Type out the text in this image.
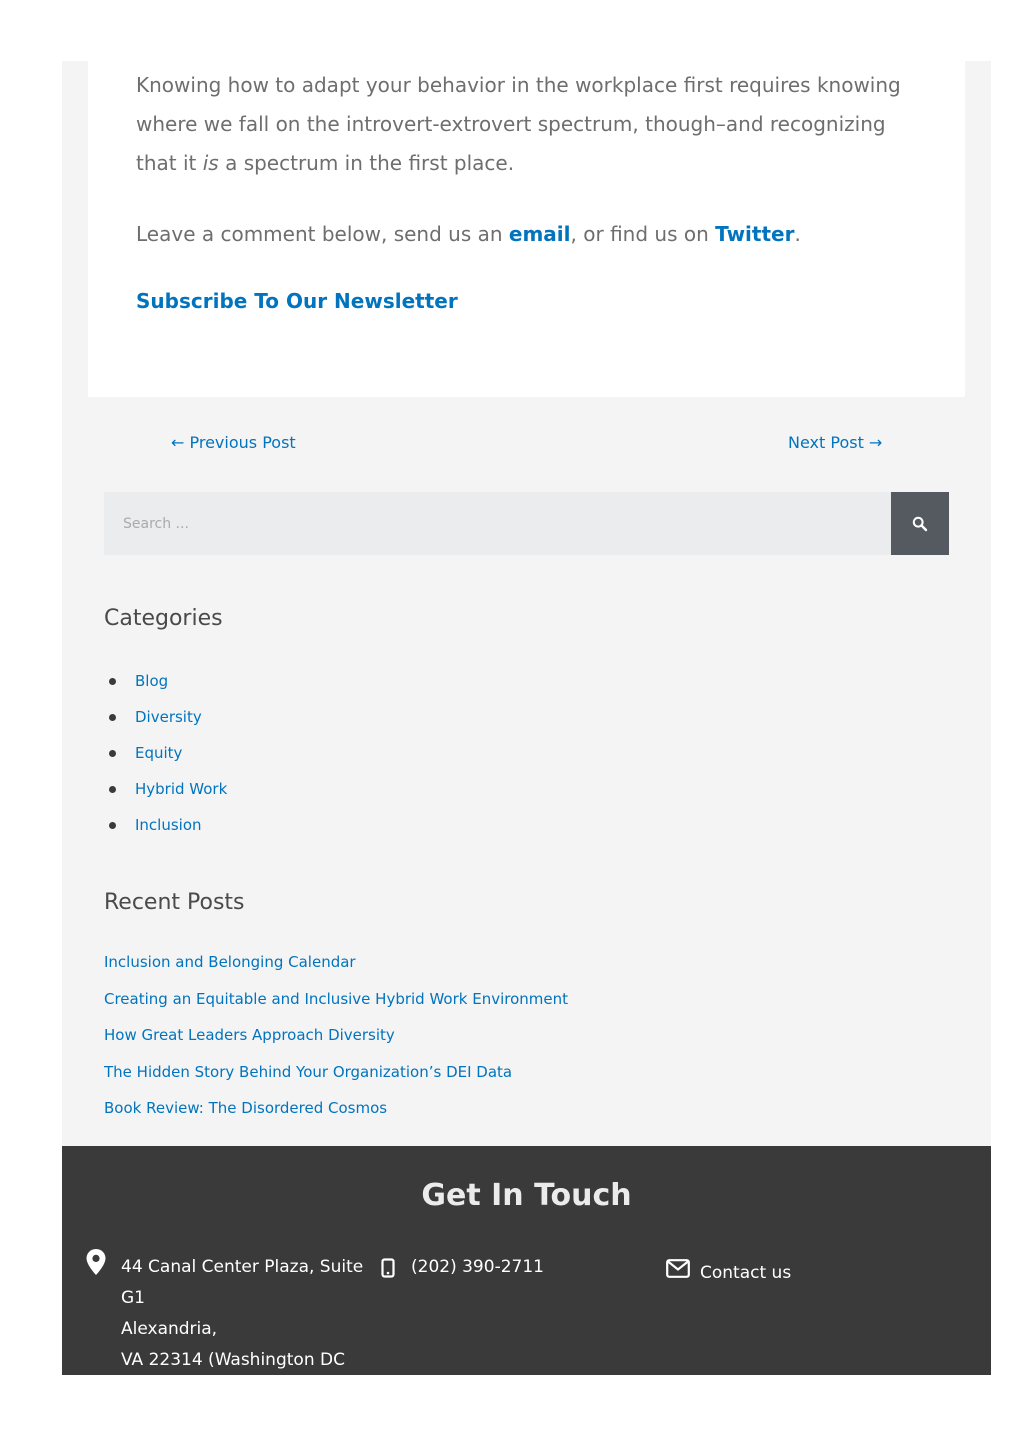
Knowing how to adapt your behavior in the workplace first requires knowing where we fall on the introvert-extrovert spectrum, though–and recognizing that it is a spectrum in the first place.

Leave a comment below, send us an email, or find us on Twitter.

Subscribe To Our Newsletter
← Previous Post	Next Post →
Search ...
Categories
Blog
Diversity
Equity
Hybrid Work
Inclusion
Recent Posts
Inclusion and Belonging Calendar
Creating an Equitable and Inclusive Hybrid Work Environment
How Great Leaders Approach Diversity
The Hidden Story Behind Your Organization’s DEI Data
Book Review: The Disordered Cosmos
Get In Touch
44 Canal Center Plaza, Suite G1
Alexandria,
VA 22314 (Washington DC
Area)
(202) 390-2711	Contact us
